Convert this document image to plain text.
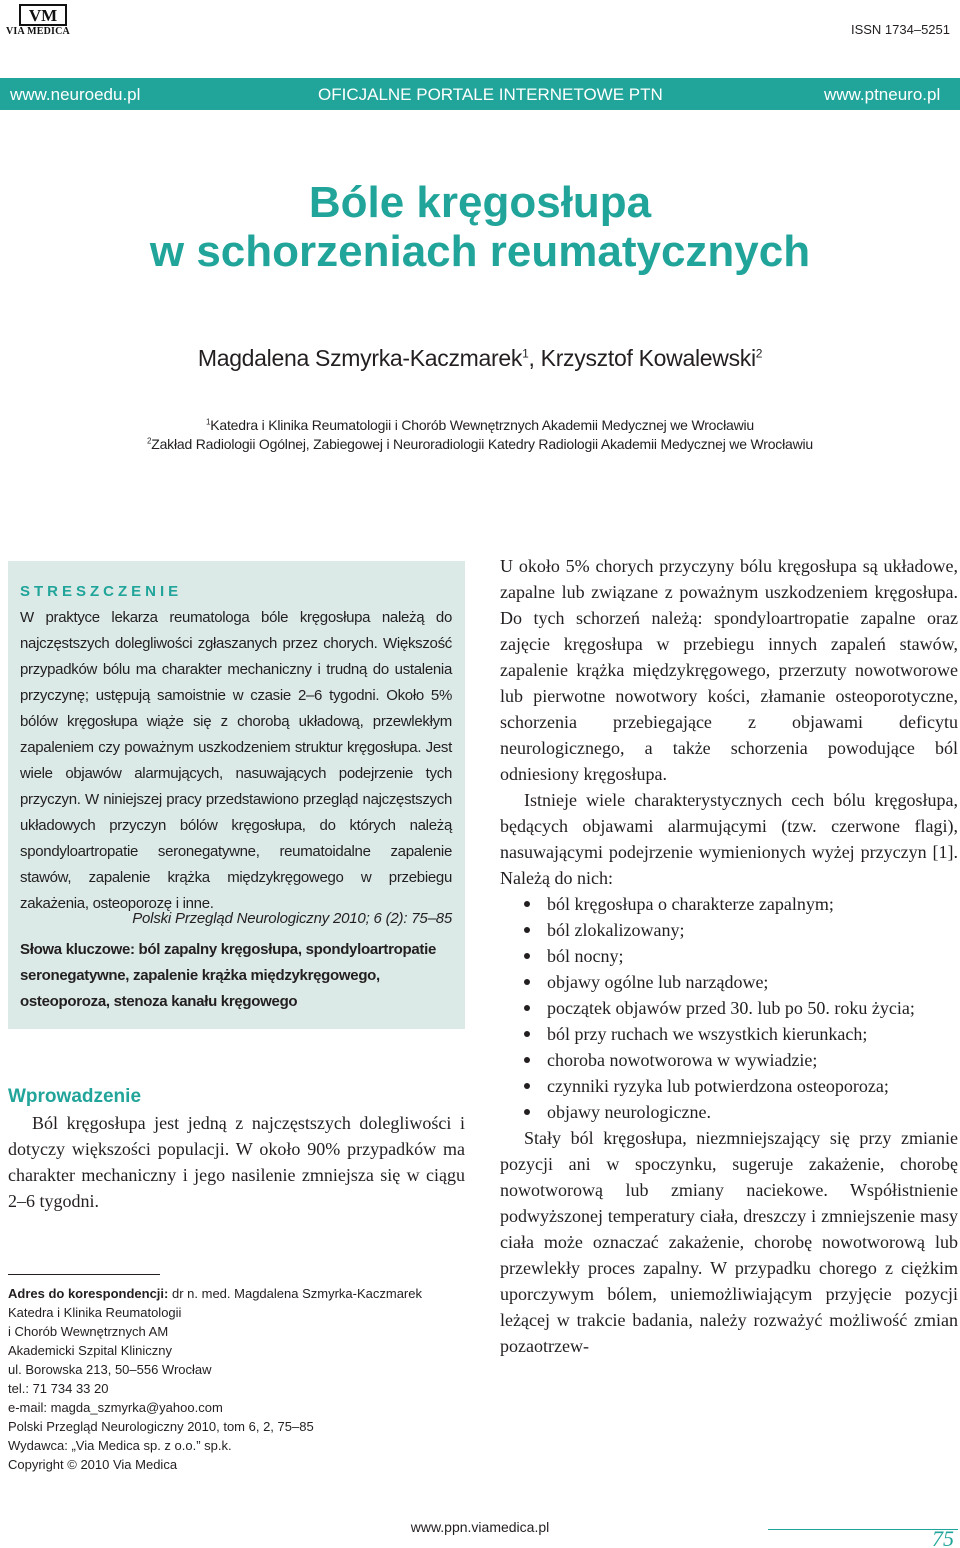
VM
VIA MEDICA	ISSN 1734–5251
www.neuroedu.pl	OFICJALNE PORTALE INTERNETOWE PTN	www.ptneuro.pl
Bóle kręgosłupa
w schorzeniach reumatycznych
Magdalena Szmyrka-Kaczmarek$^1$, Krzysztof Kowalewski$^2$
$^1$Katedra i Klinika Reumatologii i Chorób Wewnętrznych Akademii Medycznej we Wrocławiu
$^2$Zakład Radiologii Ogólnej, Zabiegowej i Neuroradiologii Katedry Radiologii Akademii Medycznej we Wrocławiu
STRESZCZENIE
W praktyce lekarza reumatologa bóle kręgosłupa należą do najczęstszych dolegliwości zgłaszanych przez chorych. Większość przypadków bólu ma charakter mechaniczny i trudną do ustalenia przyczynę; ustępują samoistnie w czasie 2–6 tygodni. Około 5% bólów kręgosłupa wiąże się z chorobą układową, przewlekłym zapaleniem czy poważnym uszkodzeniem struktur kręgosłupa. Jest wiele objawów alarmujących, nasuwających podejrzenie tych przyczyn. W niniejszej pracy przedstawiono przegląd najczęstszych układowych przyczyn bólów kręgosłupa, do których należą spondyloartropatie seronegatywne, reumatoidalne zapalenie stawów, zapalenie krążka międzykręgowego w przebiegu zakażenia, osteoporozę i inne.
Polski Przegląd Neurologiczny 2010; 6 (2): 75–85
Słowa kluczowe: ból zapalny kręgosłupa, spondyloartropatie seronegatywne, zapalenie krążka międzykręgowego, osteoporoza, stenoza kanału kręgowego
Wprowadzenie
Ból kręgosłupa jest jedną z najczęstszych dolegliwości i dotyczy większości populacji. W około 90% przypadków ma charakter mechaniczny i jego nasilenie zmniejsza się w ciągu 2–6 tygodni.
Adres do korespondencji: dr n. med. Magdalena Szmyrka-Kaczmarek
Katedra i Klinika Reumatologii
i Chorób Wewnętrznych AM
Akademicki Szpital Kliniczny
ul. Borowska 213, 50–556 Wrocław
tel.: 71 734 33 20
e-mail: magda_szmyrka@yahoo.com
Polski Przegląd Neurologiczny 2010, tom 6, 2, 75–85
Wydawca: „Via Medica sp. z o.o.” sp.k.
Copyright © 2010 Via Medica

U około 5% chorych przyczyny bólu kręgosłupa są układowe, zapalne lub związane z poważnym uszkodzeniem kręgosłupa. Do tych schorzeń należą: spondyloartropatie zapalne oraz zajęcie kręgosłupa w przebiegu innych zapaleń stawów, zapalenie krążka międzykręgowego, przerzuty nowotworowe lub pierwotne nowotwory kości, złamanie osteoporotyczne, schorzenia przebiegające z objawami deficytu neurologicznego, a także schorzenia powodujące ból odniesiony kręgosłupa.

Istnieje wiele charakterystycznych cech bólu kręgosłupa, będących objawami alarmującymi (tzw. czerwone flagi), nasuwającymi podejrzenie wymienionych wyżej przyczyn [1]. Należą do nich:

ból kręgosłupa o charakterze zapalnym;
ból zlokalizowany;
ból nocny;
objawy ogólne lub narządowe;
początek objawów przed 30. lub po 50. roku życia;
ból przy ruchach we wszystkich kierunkach;
choroba nowotworowa w wywiadzie;
czynniki ryzyka lub potwierdzona osteoporoza;
objawy neurologiczne.

Stały ból kręgosłupa, niezmniejszający się przy zmianie pozycji ani w spoczynku, sugeruje zakażenie, chorobę nowotworową lub zmiany naciekowe. Współistnienie podwyższonej temperatury ciała, dreszczy i zmniejszenie masy ciała może oznaczać zakażenie, chorobę nowotworową lub przewlekły proces zapalny. W przypadku chorego z ciężkim uporczywym bólem, uniemożliwiającym przyjęcie pozycji leżącej w trakcie badania, należy rozważyć możliwość zmian pozaotrzew-

www.ppn.viamedica.pl	75
